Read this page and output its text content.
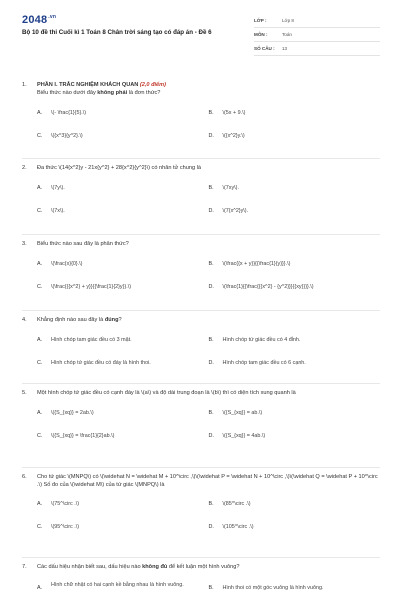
$2048^{.vn}$
Bộ 10 đề thi Cuối kì 1 Toán 8 Chân trời sáng tạo có đáp án - Đề 6
LỚP :	Lớp 8
MÔN :	Toán
SỐ CÂU :	13
1.	PHẦN I. TRẮC NGHIỆM KHÁCH QUAN (2,0 điểm)
Biểu thức nào dưới đây không phải là đơn thức?
A.	\(- \frac{1}{5}.\)	B.	\(5x + 9.\)
C.	\({x^3}{y^2}.\)	D.	\({x^2}y.\)
2.	Đa thức \(14{x^2}y - 21x{y^2} + 28{x^2}{y^2}\) có nhân tử chung là
A.	\(7y\).	B.	\(7xy\).
C.	\(7x\).	D.	\(7{x^2}y\).
3.	Biểu thức nào sau đây là phân thức?
A.	\(\frac{x}{0}.\)	B.	\(\frac{{x + y}}{{\frac{1}{y}}}.\)
C.	\(\frac{{{x^2} + y}}{{\frac{1}{2}y}}.\)	D.	\(\frac{1}{{\frac{{{x^2} - {y^2}}}{{xy}}}}.\)
4.	Khẳng định nào sau đây là đúng?
A.	Hình chóp tam giác đều có 3 mặt.	B.	Hình chóp tứ giác đều có 4 đỉnh.
C.	Hình chóp tứ giác đều có đáy là hình thoi.	D.	Hình chóp tam giác đều có 6 cạnh.
5.	Một hình chóp tứ giác đều có cạnh đáy là \(a\) và độ dài trung đoạn là \(b\) thì có diện tích xung quanh là
A.	\({S_{xq}} = 2ab.\)	B.	\({S_{xq}} = ab.\)
C.	\({S_{xq}} = \frac{1}{2}ab.\)	D.	\({S_{xq}} = 4ab.\)
6.	Cho tứ giác \(MNPQ\) có \(\widehat N = \widehat M + 10^\circ ,\)\(\widehat P = \widehat N + 10^\circ ,\)\(\widehat Q = \widehat P + 10^\circ .\) Số đo của \(\widehat M\) của tứ giác \(MNPQ\) là
A.	\(75^\circ .\)	B.	\(85^\circ .\)
C.	\(95^\circ .\)	D.	\(105^\circ .\)
7.	Các dấu hiệu nhận biết sau, dấu hiệu nào không đủ để kết luận một hình vuông?
A.	Hình chữ nhật có hai cạnh kề bằng nhau là hình vuông.	B.	Hình thoi có một góc vuông là hình vuông.
